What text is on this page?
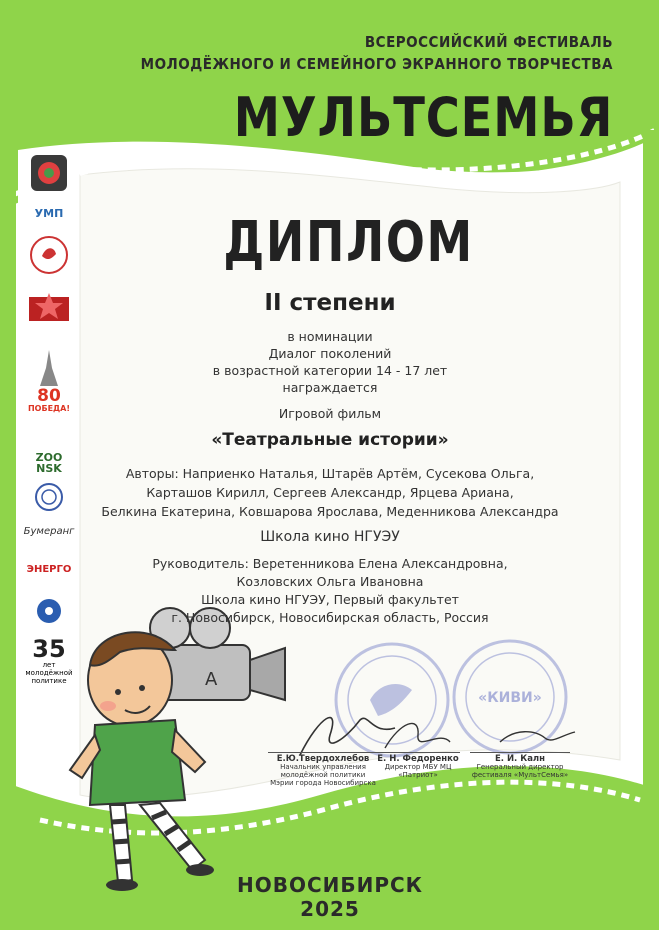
«КИВИ»
A
ВСЕРОССИЙСКИЙ ФЕСТИВАЛЬ
МОЛОДЁЖНОГО И СЕМЕЙНОГО ЭКРАННОГО ТВОРЧЕСТВА
МУЛЬТСЕМЬЯ
УМП
80
ПОБЕДА!
ZOO
NSK
Бумеранг
ЭНЕРГО
35
лет
молодёжной
политике
ДИПЛОМ
II степени
в номинации
Диалог поколений
в возрастной категории 14 - 17 лет
награждается
Игровой фильм
«Театральные истории»
Авторы: Наприенко Наталья, Штарёв Артём, Сусекова Ольга,
Карташов Кирилл, Сергеев Александр, Ярцева Ариана,
Белкина Екатерина, Ковшарова Ярослава, Меденникова Александра
Школа кино НГУЭУ
Руководитель: Веретенникова Елена Александровна,
Козловских Ольга Ивановна
Школа кино НГУЭУ, Первый факультет
г. Новосибирск, Новосибирская область, Россия
Е.Ю.Твердохлебов
Начальник управления
молодёжной политики
Мэрии города Новосибирска
Е. Н. Федоренко
Директор МБУ МЦ
«Патриот»
Е. И. Калн
Генеральный директор
фестиваля «МультСемья»
НОВОСИБИРСК 2025
